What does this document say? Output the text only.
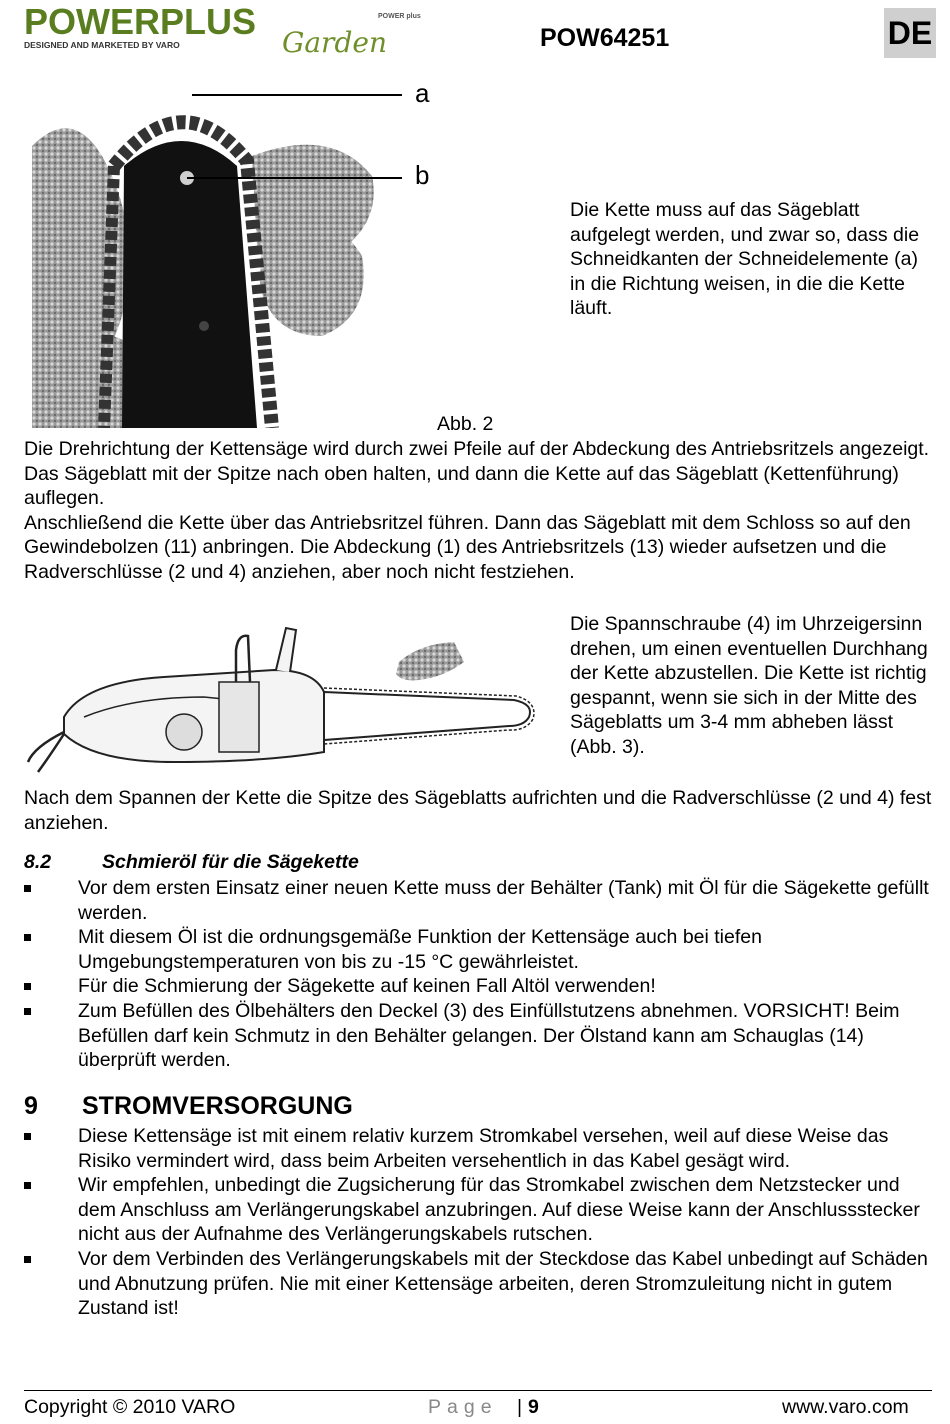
POWERPLUS
DESIGNED AND MARKETED BY VARO	Garden
POWER plus
POW64251	DE
a
b
Die Kette muss auf das Sägeblatt aufgelegt werden, und zwar so, dass die Schneidkanten der Schneidelemente (a) in die Richtung weisen, in die die Kette läuft.
Abb. 2
Die Drehrichtung der Kettensäge wird durch zwei Pfeile auf der Abdeckung des Antriebsritzels angezeigt.
Das Sägeblatt mit der Spitze nach oben halten, und dann die Kette auf das Sägeblatt (Kettenführung) auflegen.
Anschließend die Kette über das Antriebsritzel führen. Dann das Sägeblatt mit dem Schloss so auf den Gewindebolzen (11) anbringen. Die Abdeckung (1) des Antriebsritzels (13) wieder aufsetzen und die Radverschlüsse (2 und 4) anziehen, aber noch nicht festziehen.
Die Spannschraube (4) im Uhrzeigersinn drehen, um einen eventuellen Durchhang der Kette abzustellen. Die Kette ist richtig gespannt, wenn sie sich in der Mitte des Sägeblatts um 3-4 mm abheben lässt (Abb. 3).
Nach dem Spannen der Kette die Spitze des Sägeblatts aufrichten und die Radverschlüsse (2 und 4) fest anziehen.
8.2	Schmieröl für die Sägekette
Vor dem ersten Einsatz einer neuen Kette muss der Behälter (Tank) mit Öl für die Sägekette gefüllt werden.
Mit diesem Öl ist die ordnungsgemäße Funktion der Kettensäge auch bei tiefen Umgebungstemperaturen von bis zu -15 °C gewährleistet.
Für die Schmierung der Sägekette auf keinen Fall Altöl verwenden!
Zum Befüllen des Ölbehälters den Deckel (3) des Einfüllstutzens abnehmen. VORSICHT! Beim Befüllen darf kein Schmutz in den Behälter gelangen. Der Ölstand kann am Schauglas (14) überprüft werden.
9 STROMVERSORGUNG
Diese Kettensäge ist mit einem relativ kurzem Stromkabel versehen, weil auf diese Weise das Risiko vermindert wird, dass beim Arbeiten versehentlich in das Kabel gesägt wird.
Wir empfehlen, unbedingt die Zugsicherung für das Stromkabel zwischen dem Netzstecker und dem Anschluss am Verlängerungskabel anzubringen. Auf diese Weise kann der Anschlussstecker nicht aus der Aufnahme des Verlängerungskabels rutschen.
Vor dem Verbinden des Verlängerungskabels mit der Steckdose das Kabel unbedingt auf Schäden und Abnutzung prüfen. Nie mit einer Kettensäge arbeiten, deren Stromzuleitung nicht in gutem Zustand ist!
Copyright © 2010 VARO	Page | 9	www.varo.com
